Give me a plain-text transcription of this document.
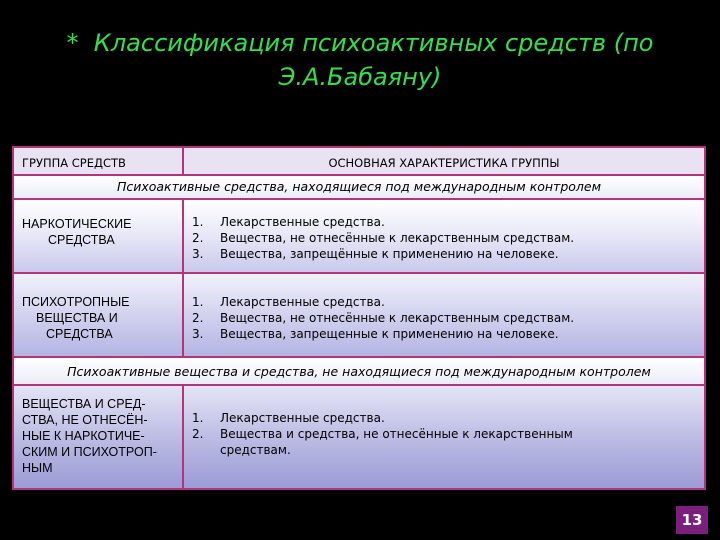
*  Классификация психоактивных средств (по
Э.А.Бабаяну)
ГРУППА СРЕДСТВ	ОСНОВНАЯ ХАРАКТЕРИСТИКА ГРУППЫ
Психоактивные средства, находящиеся под международным контролем
НАРКОТИЧЕСКИЕ
СРЕДСТВА
1. Лекарственные средства.
2. Вещества, не отнесённые к лекарственным средствам.
3. Вещества, запрещённые к применению на человеке.
ПСИХОТРОПНЫЕ
ВЕЩЕСТВА И
СРЕДСТВА
1. Лекарственные средства.
2. Вещества, не отнесённые к лекарственным средствам.
3. Вещества, запрещенные к применению на человеке.
Психоактивные вещества и средства, не находящиеся под международным контролем
ВЕЩЕСТВА И СРЕД-
СТВА, НЕ ОТНЕСЁН-
НЫЕ К НАРКОТИЧЕ-
СКИМ И ПСИХОТРОП-
НЫМ
1. Лекарственные средства.
2. Вещества и средства, не отнесённые к лекарственным
средствам.
13
